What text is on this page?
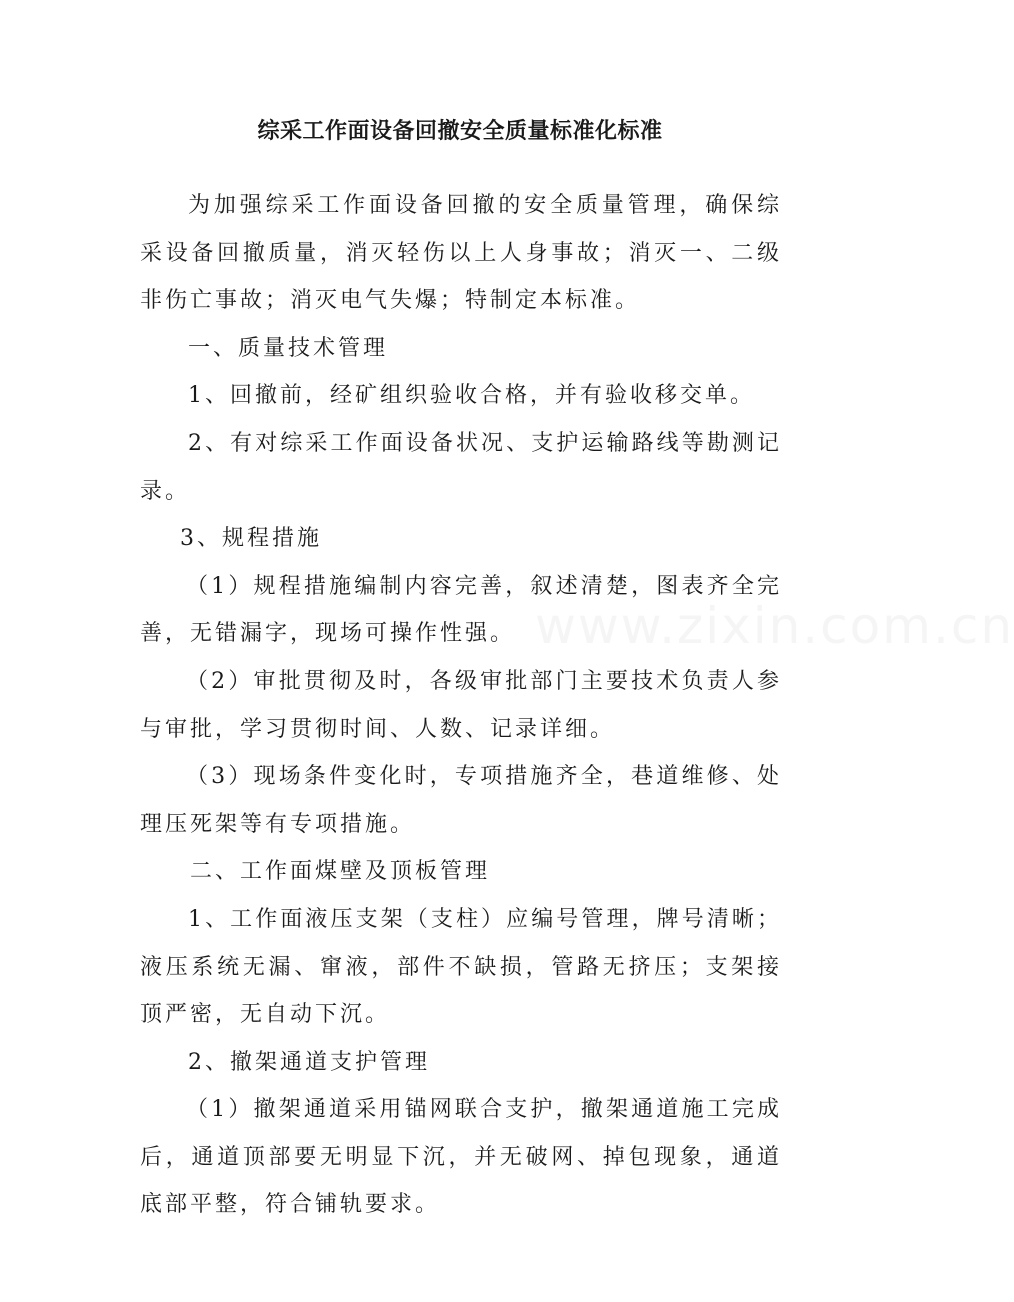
综采工作面设备回撤安全质量标准化标准

为加强综采工作面设备回撤的安全质量管理，确保综采设备回撤质量，消灭轻伤以上人身事故；消灭一、二级非伤亡事故；消灭电气失爆；特制定本标准。

一、质量技术管理

1、回撤前，经矿组织验收合格，并有验收移交单。

2、有对综采工作面设备状况、支护运输路线等勘测记录。

3、规程措施

（1）规程措施编制内容完善，叙述清楚，图表齐全完善，无错漏字，现场可操作性强。

（2）审批贯彻及时，各级审批部门主要技术负责人参与审批，学习贯彻时间、人数、记录详细。

（3）现场条件变化时，专项措施齐全，巷道维修、处理压死架等有专项措施。

二、工作面煤壁及顶板管理

1、工作面液压支架（支柱）应编号管理，牌号清晰；液压系统无漏、窜液，部件不缺损，管路无挤压；支架接顶严密，无自动下沉。

2、撤架通道支护管理

（1）撤架通道采用锚网联合支护，撤架通道施工完成后，通道顶部要无明显下沉，并无破网、掉包现象，通道底部平整，符合铺轨要求。

www.zixin.com.cn
